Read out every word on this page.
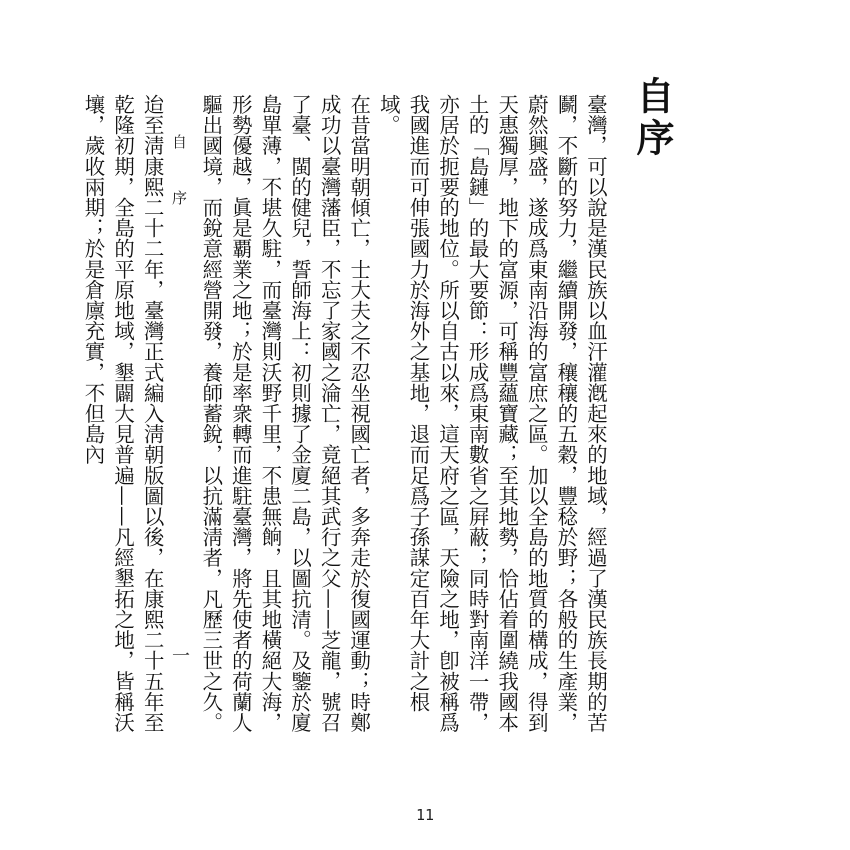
自序

臺灣，可以說是漢民族以血汗灌漑起來的地域，經過了漢民族長期的苦鬬，不斷的努力，繼續開發，穰穰的五穀，豐稔於野；各般的生產業，蔚然興盛，遂成爲東南沿海的富庶之區。加以全島的地質的構成，得到天惠獨厚，地下的富源，可稱豐蘊寶藏；至其地勢，恰佔着圍繞我國本土的「島鏈」的最大要節：形成爲東南數省之屛蔽；同時對南洋一帶，亦居於扼要的地位。所以自古以來，這天府之區，天險之地，卽被稱爲我國進而可伸張國力於海外之基地，退而足爲子孫謀定百年大計之根域。

在昔當明朝傾亡，士大夫之不忍坐視國亡者，多奔走於復國運動；時鄭成功以臺灣藩臣，不忘了家國之淪亡，竟絕其武行之父——芝龍，號召了臺、閩的健兒，誓師海上：初則據了金廈二島，以圖抗清。及鑒於廈島單薄，不堪久駐，而臺灣則沃野千里，不患無餉，且其地橫絕大海，形勢優越，眞是覇業之地；於是率衆轉而進駐臺灣，將先使者的荷蘭人驅出國境，而銳意經營開發，養師蓄銳，以抗滿淸者，凡歷三世之久。

迨至淸康熙二十二年，臺灣正式編入淸朝版圖以後，在康熙二十五年至乾隆初期，全島的平原地域，墾闢大見普遍——凡經墾拓之地，皆稱沃壤，歲收兩期；於是倉廪充實，不但島內	自 序
一
11
